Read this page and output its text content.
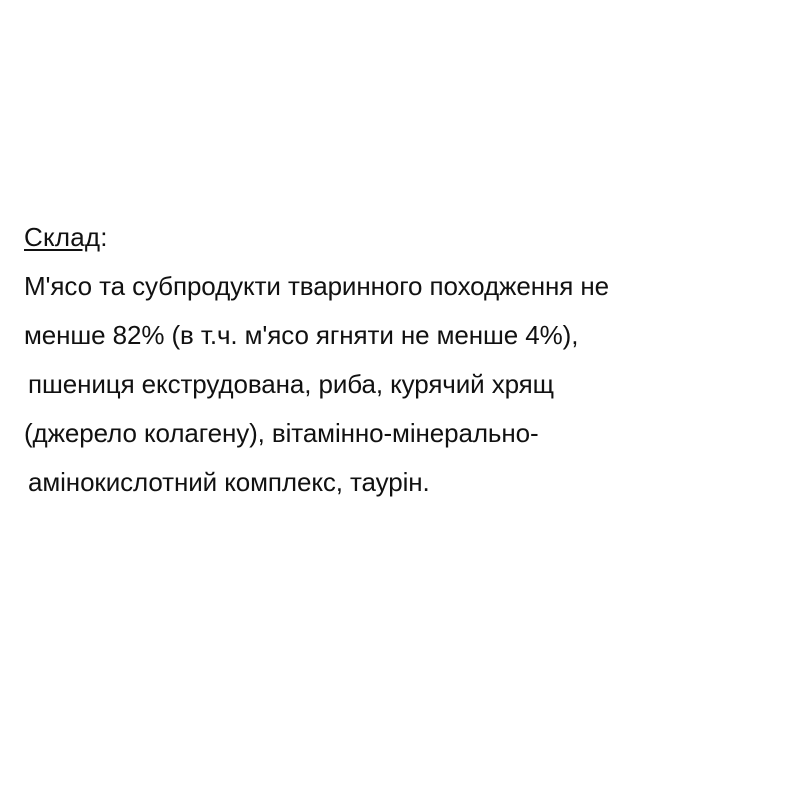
Склад:
М'ясо та субпродукти тваринного походження не
менше 82% (в т.ч. м'ясо ягняти не менше 4%),
пшениця екструдована, риба, курячий хрящ
(джерело колагену), вітамінно-мінерально-
амінокислотний комплекс, таурін.
